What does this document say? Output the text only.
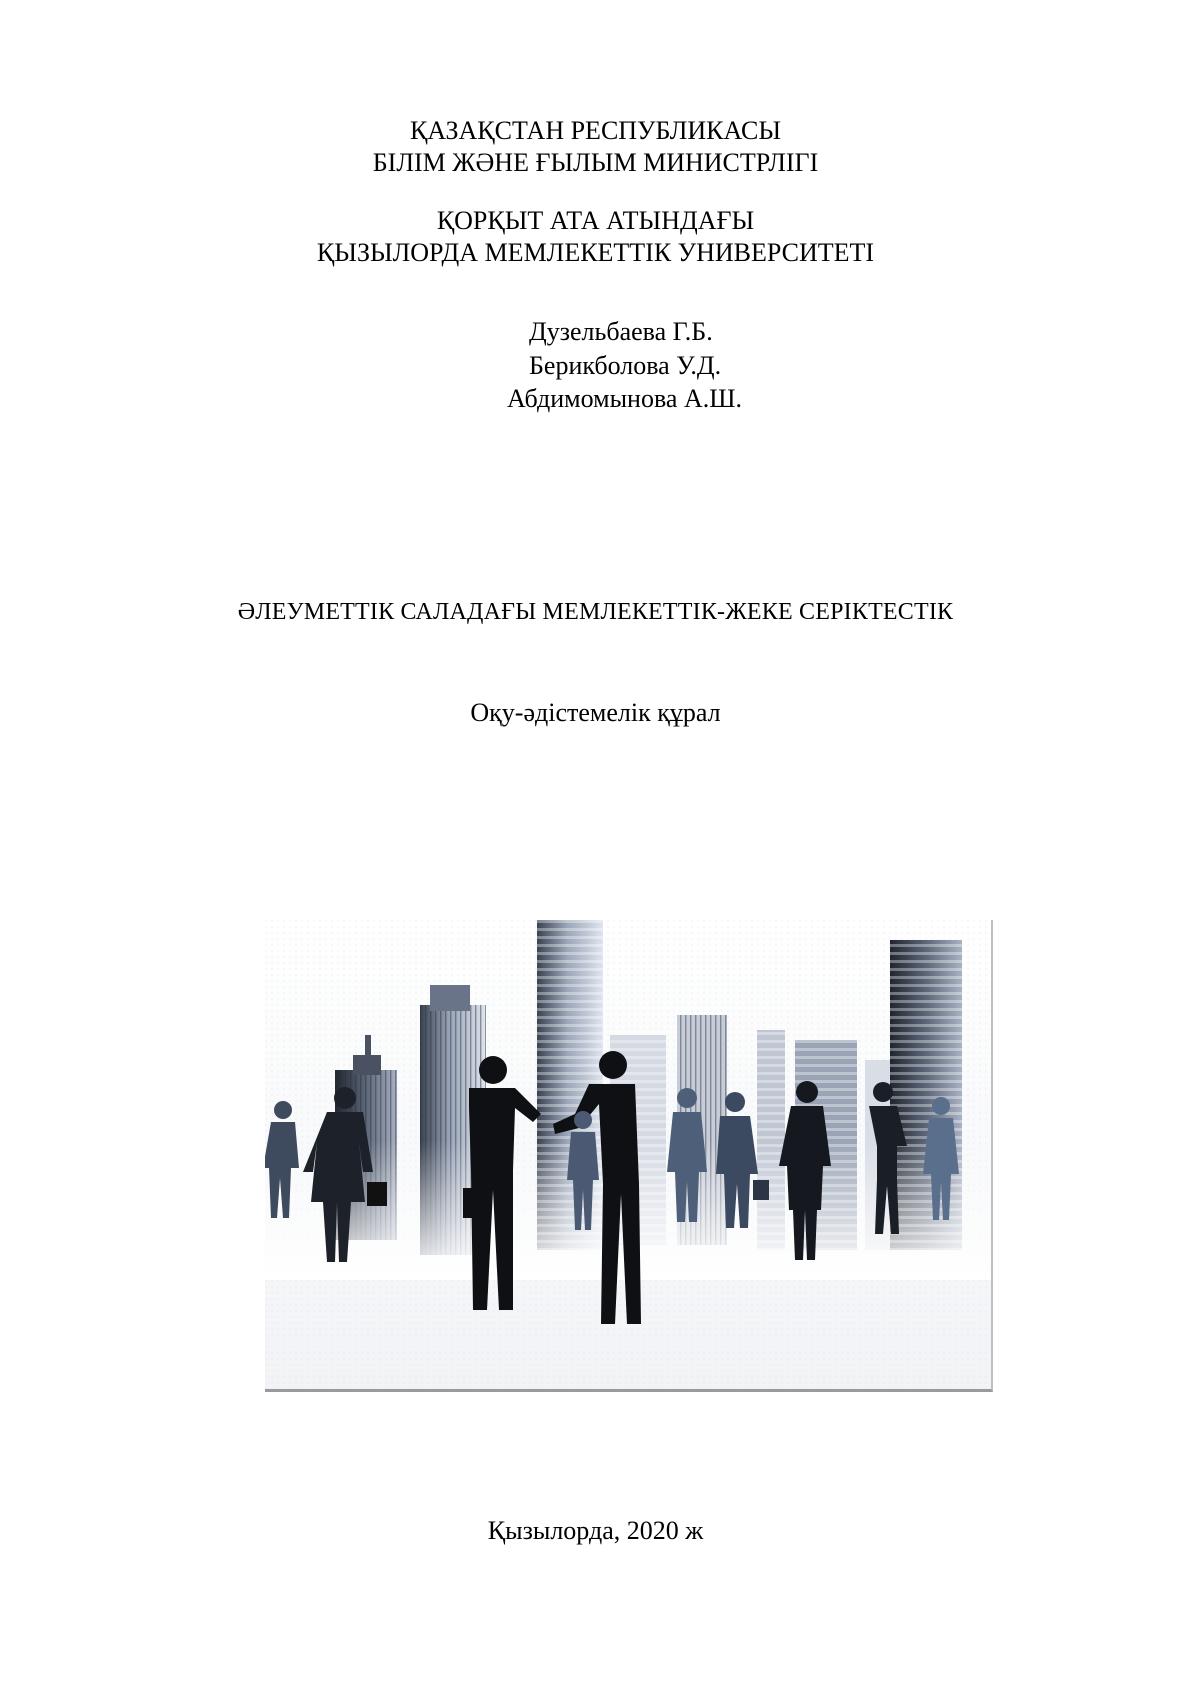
ҚАЗАҚСТАН РЕСПУБЛИКАСЫ
БІЛІМ ЖӘНЕ ҒЫЛЫМ МИНИСТРЛІГІ
ҚОРҚЫТ АТА АТЫНДАҒЫ
ҚЫЗЫЛОРДА МЕМЛЕКЕТТІК УНИВЕРСИТЕТІ
Дузельбаева Г.Б.
Берикболова У.Д.
Абдимомынова А.Ш.
ӘЛЕУМЕТТІК САЛАДАҒЫ МЕМЛЕКЕТТІК-ЖЕКЕ СЕРІКТЕСТІК
Оқу-әдістемелік құрал
Қызылорда, 2020 ж
